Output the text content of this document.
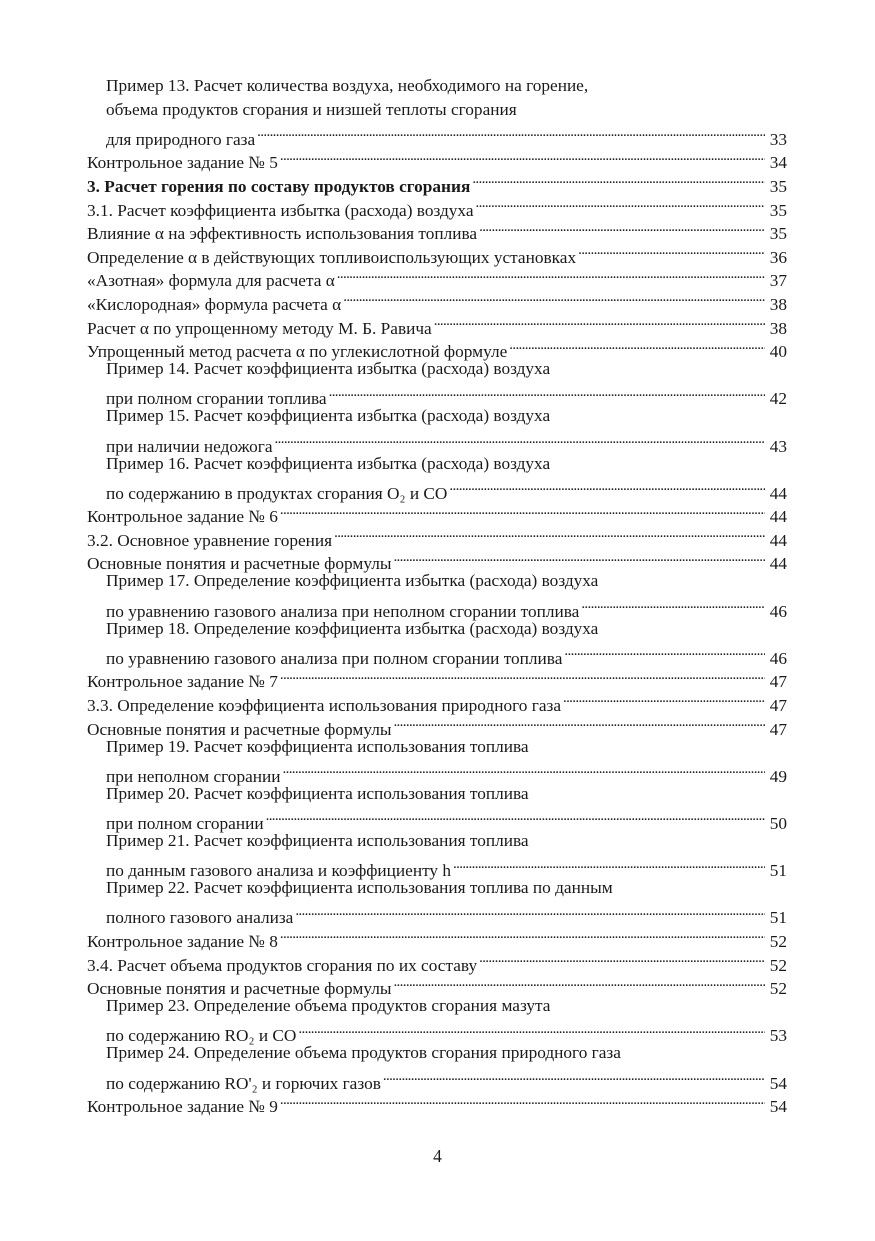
Пример 13. Расчет количества воздуха, необходимого на горение,
объема продуктов сгорания и низшей теплоты сгорания
для природного газа . . .	33
Контрольное задание № 5 . . .	34
3. Расчет горения по составу продуктов сгорания . . .	35
3.1. Расчет коэффициента избытка (расхода) воздуха . . .	35
Влияние α на эффективность использования топлива . . .	35
Определение α в действующих топливоиспользующих установках . . .	36
«Азотная» формула для расчета α . . .	37
«Кислородная» формула расчета α . . .	38
Расчет α по упрощенному методу М. Б. Равича . . .	38
Упрощенный метод расчета α по углекислотной формуле . . .	40
Пример 14. Расчет коэффициента избытка (расхода) воздуха
при полном сгорании топлива . . .	42
Пример 15. Расчет коэффициента избытка (расхода) воздуха
при наличии недожога . . .	43
Пример 16. Расчет коэффициента избытка (расхода) воздуха
по содержанию в продуктах сгорания O₂ и CO . . .	44
Контрольное задание № 6 . . .	44
3.2. Основное уравнение горения . . .	44
Основные понятия и расчетные формулы . . .	44
Пример 17. Определение коэффициента избытка (расхода) воздуха
по уравнению газового анализа при неполном сгорании топлива . . .	46
Пример 18. Определение коэффициента избытка (расхода) воздуха
по уравнению газового анализа при полном сгорании топлива . . .	46
Контрольное задание № 7 . . .	47
3.3. Определение коэффициента использования природного газа . . .	47
Основные понятия и расчетные формулы . . .	47
Пример 19. Расчет коэффициента использования топлива
при неполном сгорании . . .	49
Пример 20. Расчет коэффициента использования топлива
при полном сгорании . . .	50
Пример 21. Расчет коэффициента использования топлива
по данным газового анализа и коэффициенту h . . .	51
Пример 22. Расчет коэффициента использования топлива по данным
полного газового анализа . . .	51
Контрольное задание № 8 . . .	52
3.4. Расчет объема продуктов сгорания по их составу . . .	52
Основные понятия и расчетные формулы . . .	52
Пример 23. Определение объема продуктов сгорания мазута
по содержанию RO₂ и CO . . .	53
Пример 24. Определение объема продуктов сгорания природного газа
по содержанию RO'₂ и горючих газов . . .	54
Контрольное задание № 9 . . .	54
4
